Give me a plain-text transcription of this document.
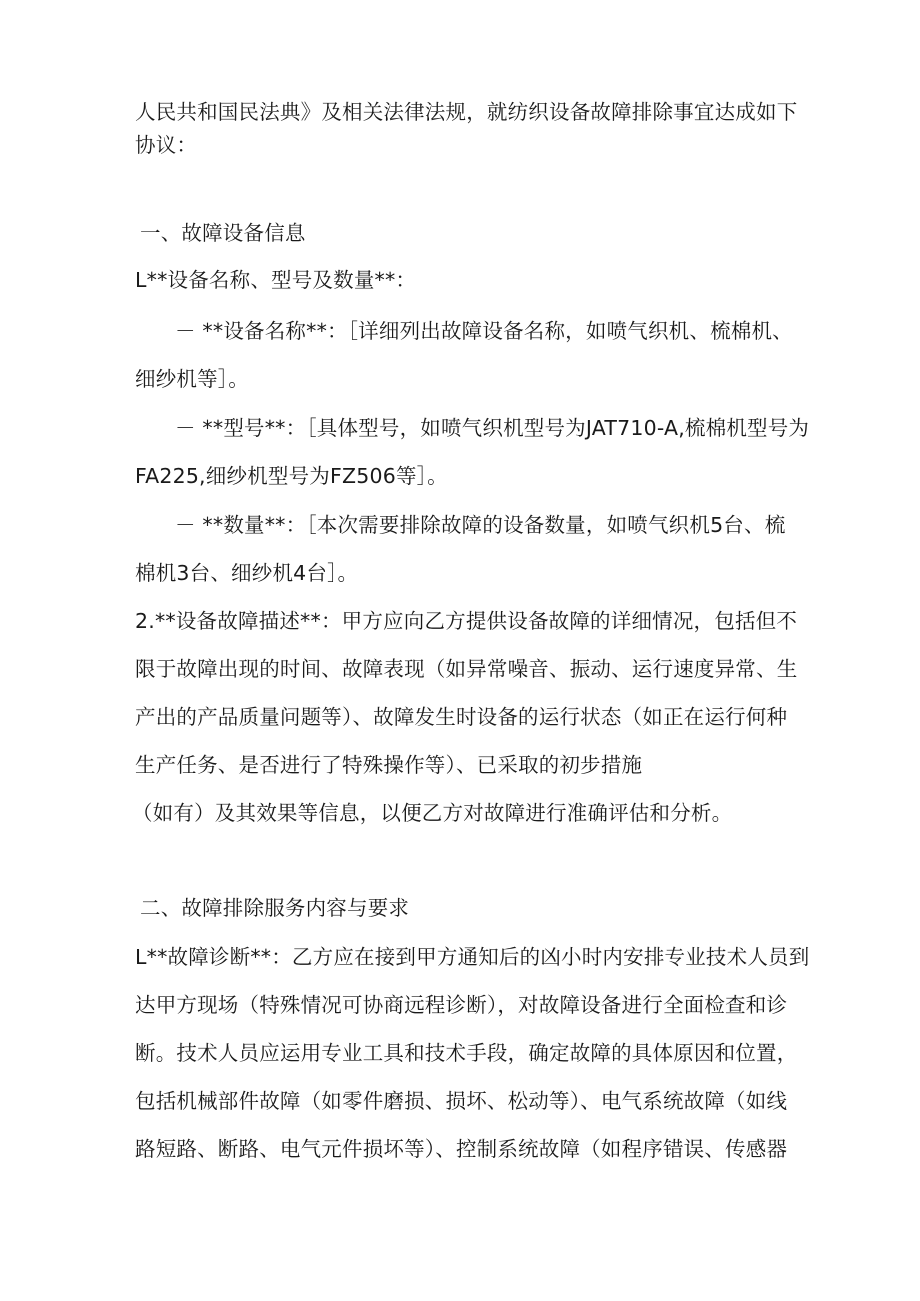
人民共和国民法典》及相关法律法规，就纺织设备故障排除事宜达成如下
协议：
一、故障设备信息
L**设备名称、型号及数量**：
－ **设备名称**：［详细列出故障设备名称，如喷气织机、梳棉机、
细纱机等］。
－ **型号**：［具体型号，如喷气织机型号为JAT710-A,梳棉机型号为
FA225,细纱机型号为FZ506等］。
－ **数量**：［本次需要排除故障的设备数量，如喷气织机5台、梳
棉机3台、细纱机4台］。
2.**设备故障描述**：甲方应向乙方提供设备故障的详细情况，包括但不
限于故障出现的时间、故障表现（如异常噪音、振动、运行速度异常、生
产出的产品质量问题等）、故障发生时设备的运行状态（如正在运行何种
生产任务、是否进行了特殊操作等）、已采取的初步措施
（如有）及其效果等信息，以便乙方对故障进行准确评估和分析。
二、故障排除服务内容与要求
L**故障诊断**：乙方应在接到甲方通知后的凶小时内安排专业技术人员到
达甲方现场（特殊情况可协商远程诊断），对故障设备进行全面检查和诊
断。技术人员应运用专业工具和技术手段，确定故障的具体原因和位置，
包括机械部件故障（如零件磨损、损坏、松动等）、电气系统故障（如线
路短路、断路、电气元件损坏等）、控制系统故障（如程序错误、传感器
